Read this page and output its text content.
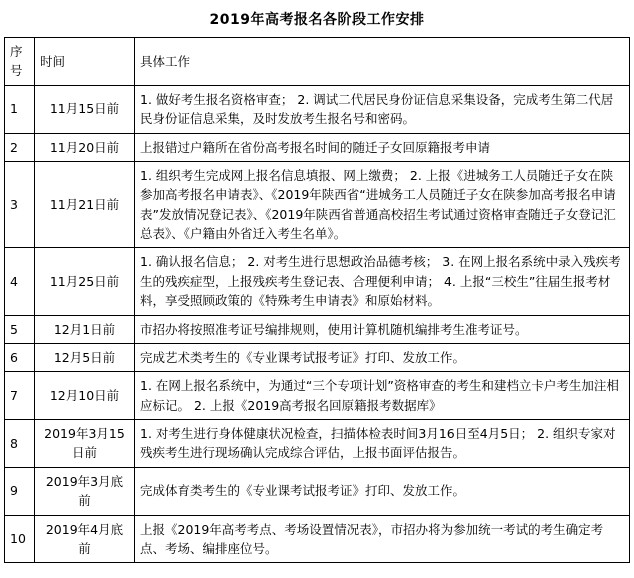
2019年高考报名各阶段工作安排
序号	时间	具体工作
1	11月15日前	1. 做好考生报名资格审查； 2. 调试二代居民身份证信息采集设备，完成考生第二代居民身份证信息采集，及时发放考生报名号和密码。
2	11月20日前	上报错过户籍所在省份高考报名时间的随迁子女回原籍报考申请
3	11月21日前	1. 组织考生完成网上报名信息填报、网上缴费； 2. 上报《进城务工人员随迁子女在陕参加高考报名申请表》、《2019年陕西省“进城务工人员随迁子女在陕参加高考报名申请表”发放情况登记表》、《2019年陕西省普通高校招生考试通过资格审查随迁子女登记汇总表》、《户籍由外省迁入考生名单》。
4	11月25日前	1. 确认报名信息； 2. 对考生进行思想政治品德考核； 3. 在网上报名系统中录入残疾考生的残疾症型，上报残疾考生登记表、合理便利申请； 4. 上报“三校生”往届生报考材料，享受照顾政策的《特殊考生申请表》和原始材料。
5	12月1日前	市招办将按照准考证号编排规则，使用计算机随机编排考生准考证号。
6	12月5日前	完成艺术类考生的《专业课考试报考证》打印、发放工作。
7	12月10日前	1. 在网上报名系统中，为通过“三个专项计划”资格审查的考生和建档立卡户考生加注相应标记。 2. 上报《2019高考报名回原籍报考数据库》
8	2019年3月15日前	1. 对考生进行身体健康状况检查，扫描体检表时间3月16日至4月5日； 2. 组织专家对残疾考生进行现场确认完成综合评估，上报书面评估报告。
9	2019年3月底前	完成体育类考生的《专业课考试报考证》打印、发放工作。
10	2019年4月底前	上报《2019年高考考点、考场设置情况表》，市招办将为参加统一考试的考生确定考点、考场、编排座位号。
